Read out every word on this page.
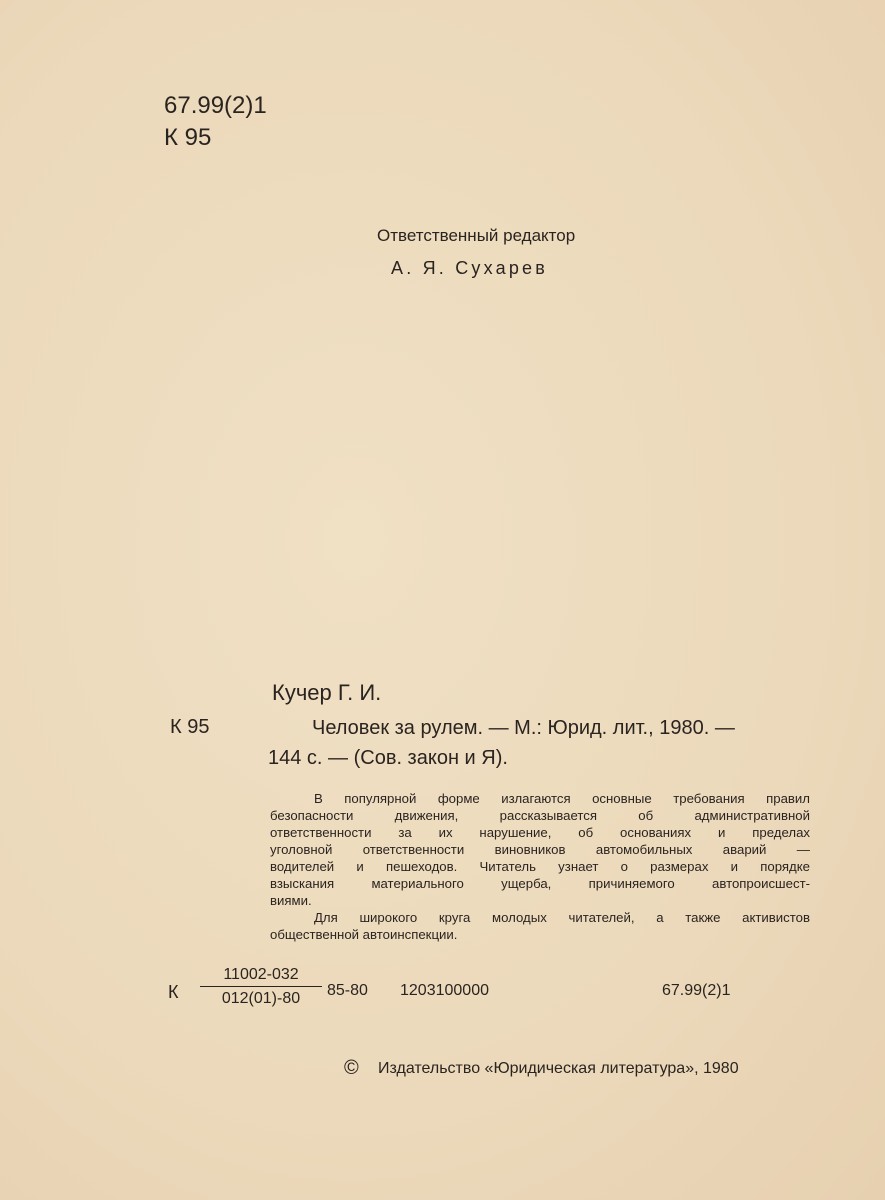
67.99(2)1
К 95
Ответственный редактор
А. Я. Сухарев
Кучер Г. И.
К 95	Человек за рулем. — М.: Юрид. лит., 1980. —
144 с. — (Сов. закон и Я).
В популярной форме излагаются основные требования правил
безопасности движения, рассказывается об административной
ответственности за их нарушение, об основаниях и пределах
уголовной ответственности виновников автомобильных аварий —
водителей и пешеходов. Читатель узнает о размерах и порядке
взыскания материального ущерба, причиняемого автопроисшест-
виями.
Для широкого круга молодых читателей, а также активистов
общественной автоинспекции.
К $\frac{11002-032}{012(01)-80} 85-80$ 1203100000	67.99(2)1
© Издательство «Юридическая литература», 1980
